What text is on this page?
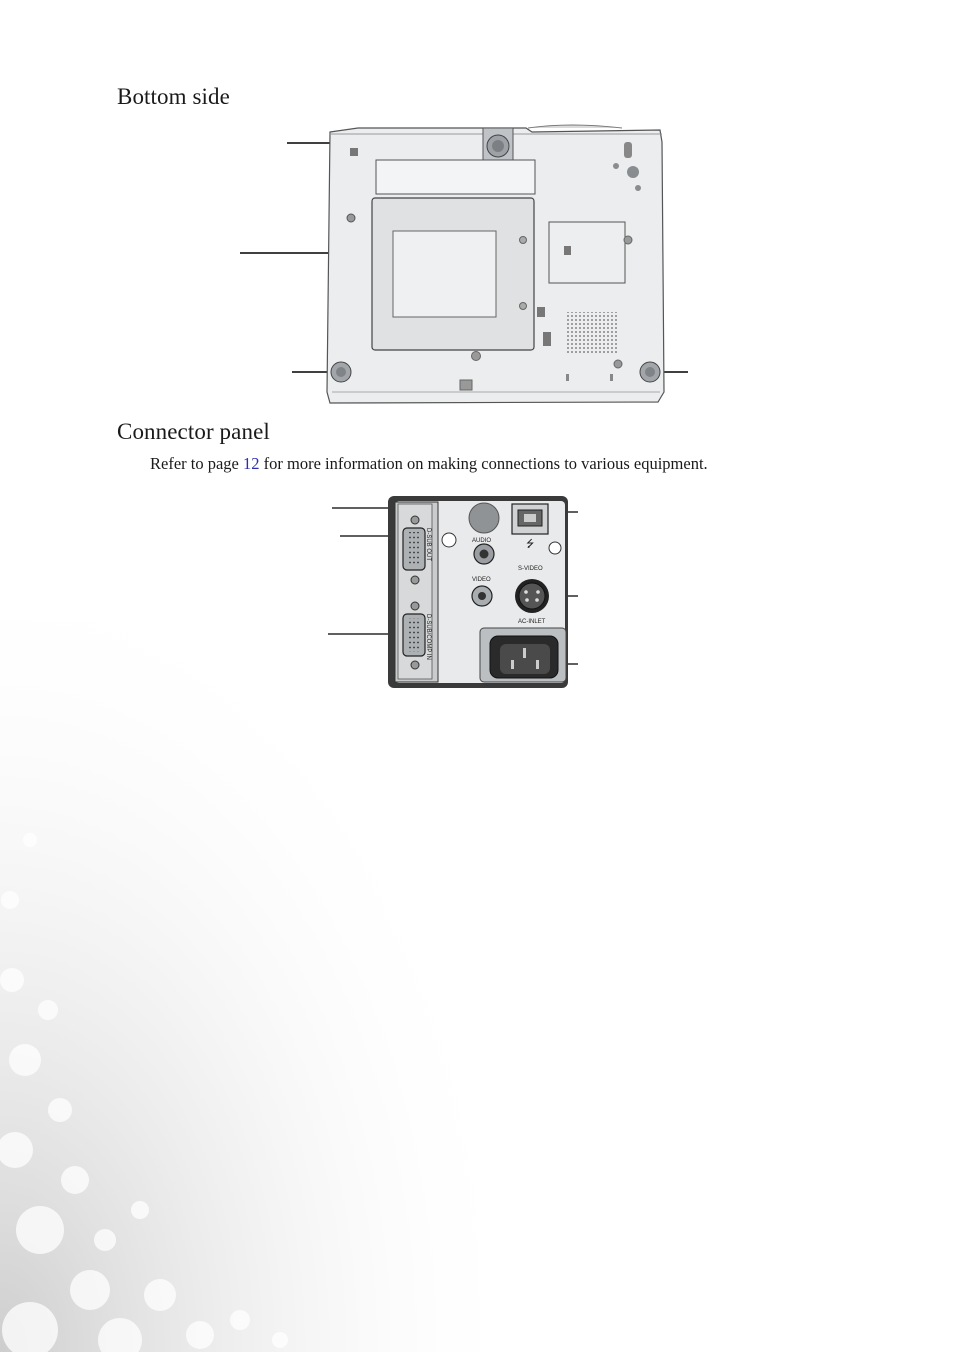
Bottom side
Connector panel

Refer to page 12 for more information on making connections to various equipment.

D-SUB OUT
D-SUB/COMP IN
⭍
AUDIO
VIDEO
S-VIDEO
AC-INLET
